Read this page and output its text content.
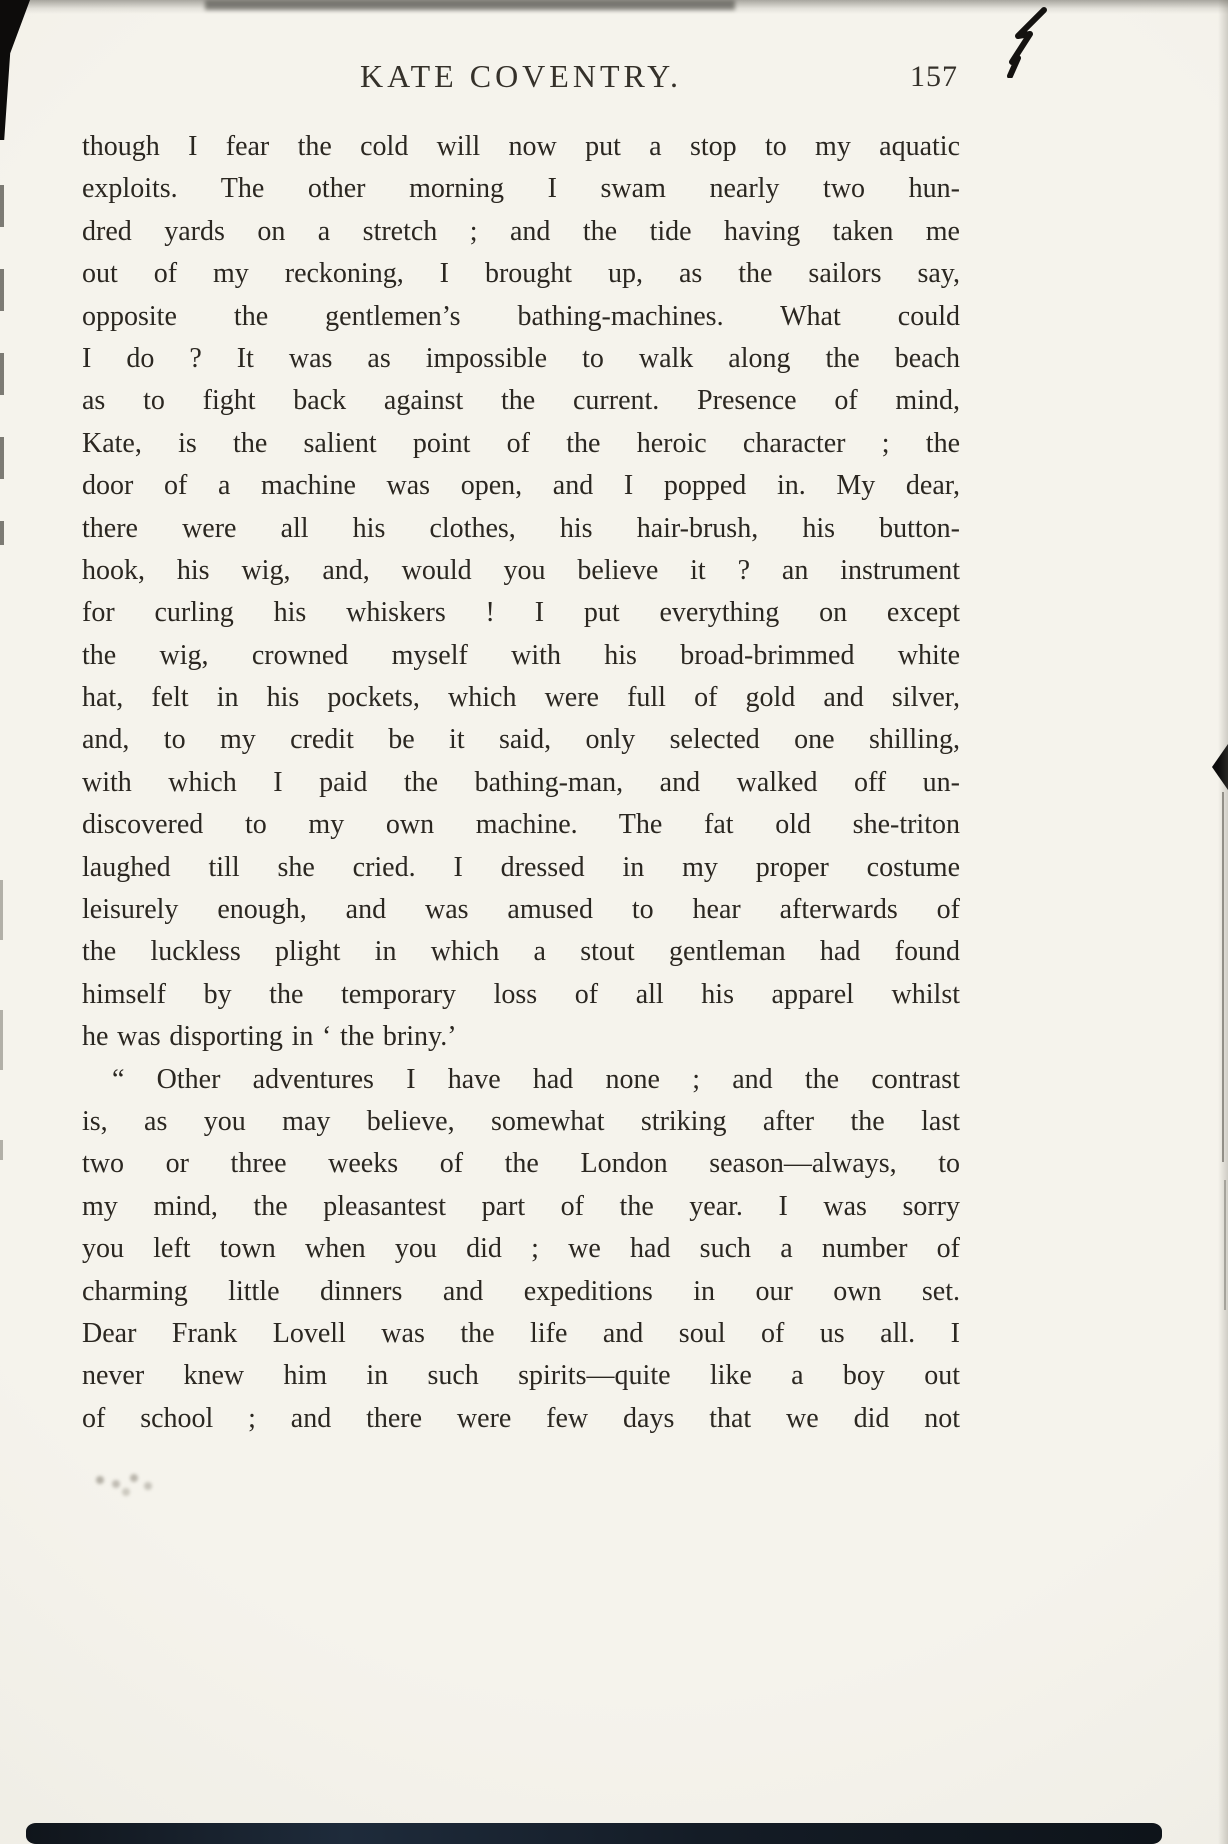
KATE COVENTRY.	157
though I fear the cold will now put a stop to my aquatic
exploits. The other morning I swam nearly two hun-
dred yards on a stretch ; and the tide having taken me
out of my reckoning, I brought up, as the sailors say,
opposite the gentlemen’s bathing-machines. What could
I do ? It was as impossible to walk along the beach
as to fight back against the current. Presence of mind,
Kate, is the salient point of the heroic character ; the
door of a machine was open, and I popped in. My dear,
there were all his clothes, his hair-brush, his button-
hook, his wig, and, would you believe it ? an instrument
for curling his whiskers ! I put everything on except
the wig, crowned myself with his broad-brimmed white
hat, felt in his pockets, which were full of gold and silver,
and, to my credit be it said, only selected one shilling,
with which I paid the bathing-man, and walked off un-
discovered to my own machine. The fat old she-triton
laughed till she cried. I dressed in my proper costume
leisurely enough, and was amused to hear afterwards of
the luckless plight in which a stout gentleman had found
himself by the temporary loss of all his apparel whilst
he was disporting in ‘ the briny.’
“ Other adventures I have had none ; and the contrast
is, as you may believe, somewhat striking after the last
two or three weeks of the London season—always, to
my mind, the pleasantest part of the year. I was sorry
you left town when you did ; we had such a number of
charming little dinners and expeditions in our own set.
Dear Frank Lovell was the life and soul of us all. I
never knew him in such spirits—quite like a boy out
of school ; and there were few days that we did not
